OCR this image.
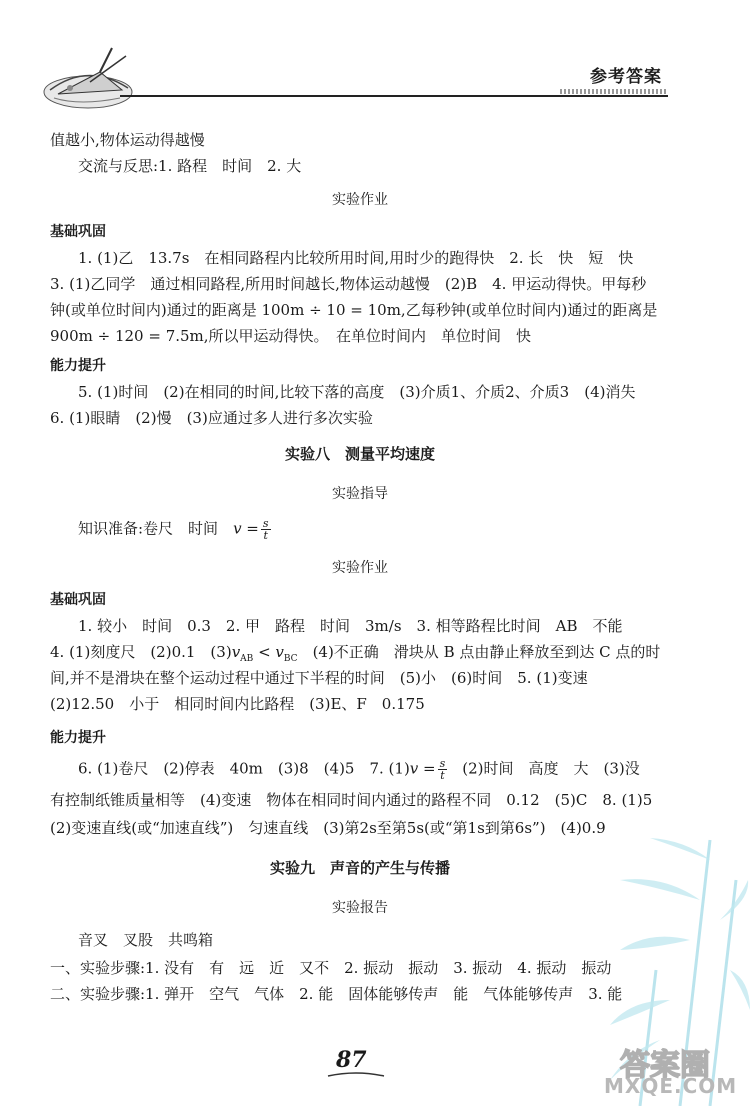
参考答案
值越小,物体运动得越慢
交流与反思:1. 路程　时间　2. 大
实验作业
基础巩固
1. (1)乙　13.7s　在相同路程内比较所用时间,用时少的跑得快　2. 长　快　短　快
3. (1)乙同学　通过相同路程,所用时间越长,物体运动越慢　(2)B　4. 甲运动得快。甲每秒
钟(或单位时间内)通过的距离是 100m ÷ 10 = 10m,乙每秒钟(或单位时间内)通过的距离是
900m ÷ 120 = 7.5m,所以甲运动得快。　在单位时间内　单位时间　快
能力提升
5. (1)时间　(2)在相同的时间,比较下落的高度　(3)介质1、介质2、介质3　(4)消失
6. (1)眼睛　(2)慢　(3)应通过多人进行多次实验
实验八　测量平均速度
实验指导
知识准备:卷尺　时间　$v = \frac{s}{t}$
实验作业
基础巩固
1. 较小　时间　0.3　2. 甲　路程　时间　3m/s　3. 相等路程比时间　AB　不能
4. (1)刻度尺　(2)0.1　$(3)v_{AB} < v_{BC}$　(4)不正确　滑块从 B 点由静止释放至到达 C 点的时
间,并不是滑块在整个运动过程中通过下半程的时间　(5)小　(6)时间　5. (1)变速
(2)12.50　小于　相同时间内比路程　(3)E、F　0.175
能力提升
6. (1)卷尺　(2)停表　40m　(3)8　(4)5　7. $(1)v = \frac{s}{t}$ 　(2)时间　高度　大　(3)没
有控制纸锥质量相等　(4)变速　物体在相同时间内通过的路程不同　0.12　(5)C　8. (1)5
(2)变速直线(或“加速直线”)　匀速直线　(3)第2s至第5s(或“第1s到第6s”)　(4)0.9
实验九　声音的产生与传播
实验报告
音叉　叉股　共鸣箱
一、实验步骤:1. 没有　有　远　近　又不　2. 振动　振动　3. 振动　4. 振动　振动
二、实验步骤:1. 弹开　空气　气体　2. 能　固体能够传声　能　气体能够传声　3. 能
87	答案圈
MXQE.COM
